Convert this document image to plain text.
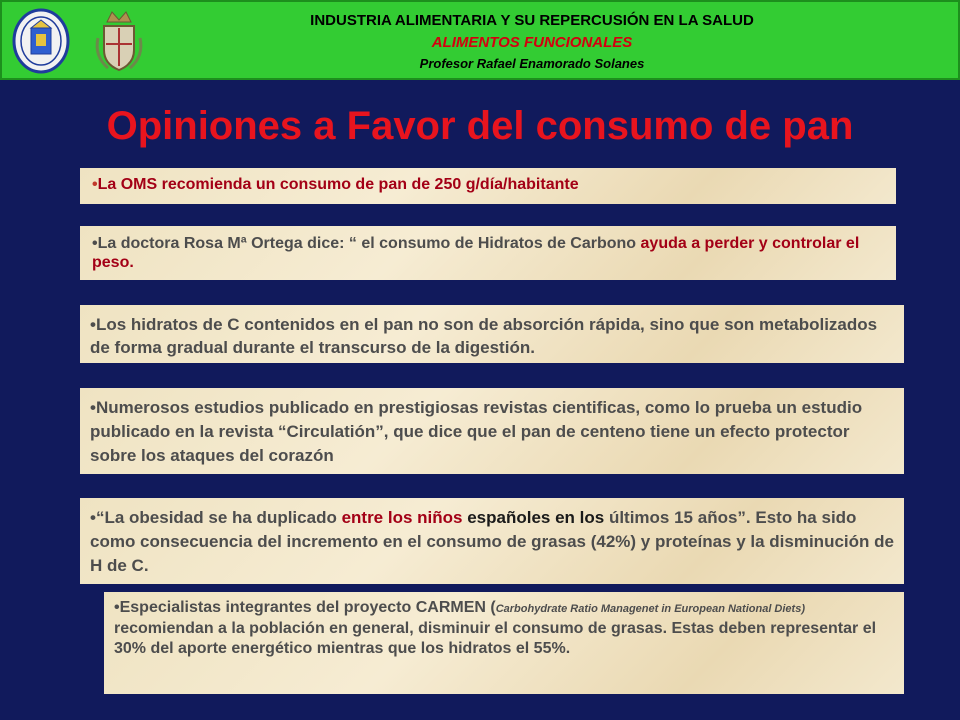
INDUSTRIA ALIMENTARIA Y SU REPERCUSIÓN EN LA SALUD
ALIMENTOS FUNCIONALES
Profesor Rafael Enamorado Solanes
Opiniones a Favor del consumo de pan
•La OMS recomienda un consumo de pan de 250 g/día/habitante
•La doctora Rosa Mª Ortega dice: “ el consumo de Hidratos de Carbono ayuda a perder y controlar el peso.
•Los hidratos de C contenidos en el pan no son de absorción rápida, sino que son metabolizados de forma gradual durante el transcurso de la digestión.
•Numerosos estudios publicado en prestigiosas revistas cientificas, como lo prueba un estudio publicado en la revista “Circulatión”, que dice que el pan de centeno tiene un efecto protector sobre los ataques del corazón
•“La obesidad se ha duplicado entre los niños españoles en los últimos 15 años”. Esto ha sido como consecuencia del incremento en el consumo de grasas (42%) y proteínas y la disminución de H de C.
•Especialistas integrantes del proyecto CARMEN (Carbohydrate Ratio Managenet in European National Diets) recomiendan a la población en general, disminuir el consumo de grasas. Estas deben representar el 30% del aporte energético mientras que los hidratos el 55%.
